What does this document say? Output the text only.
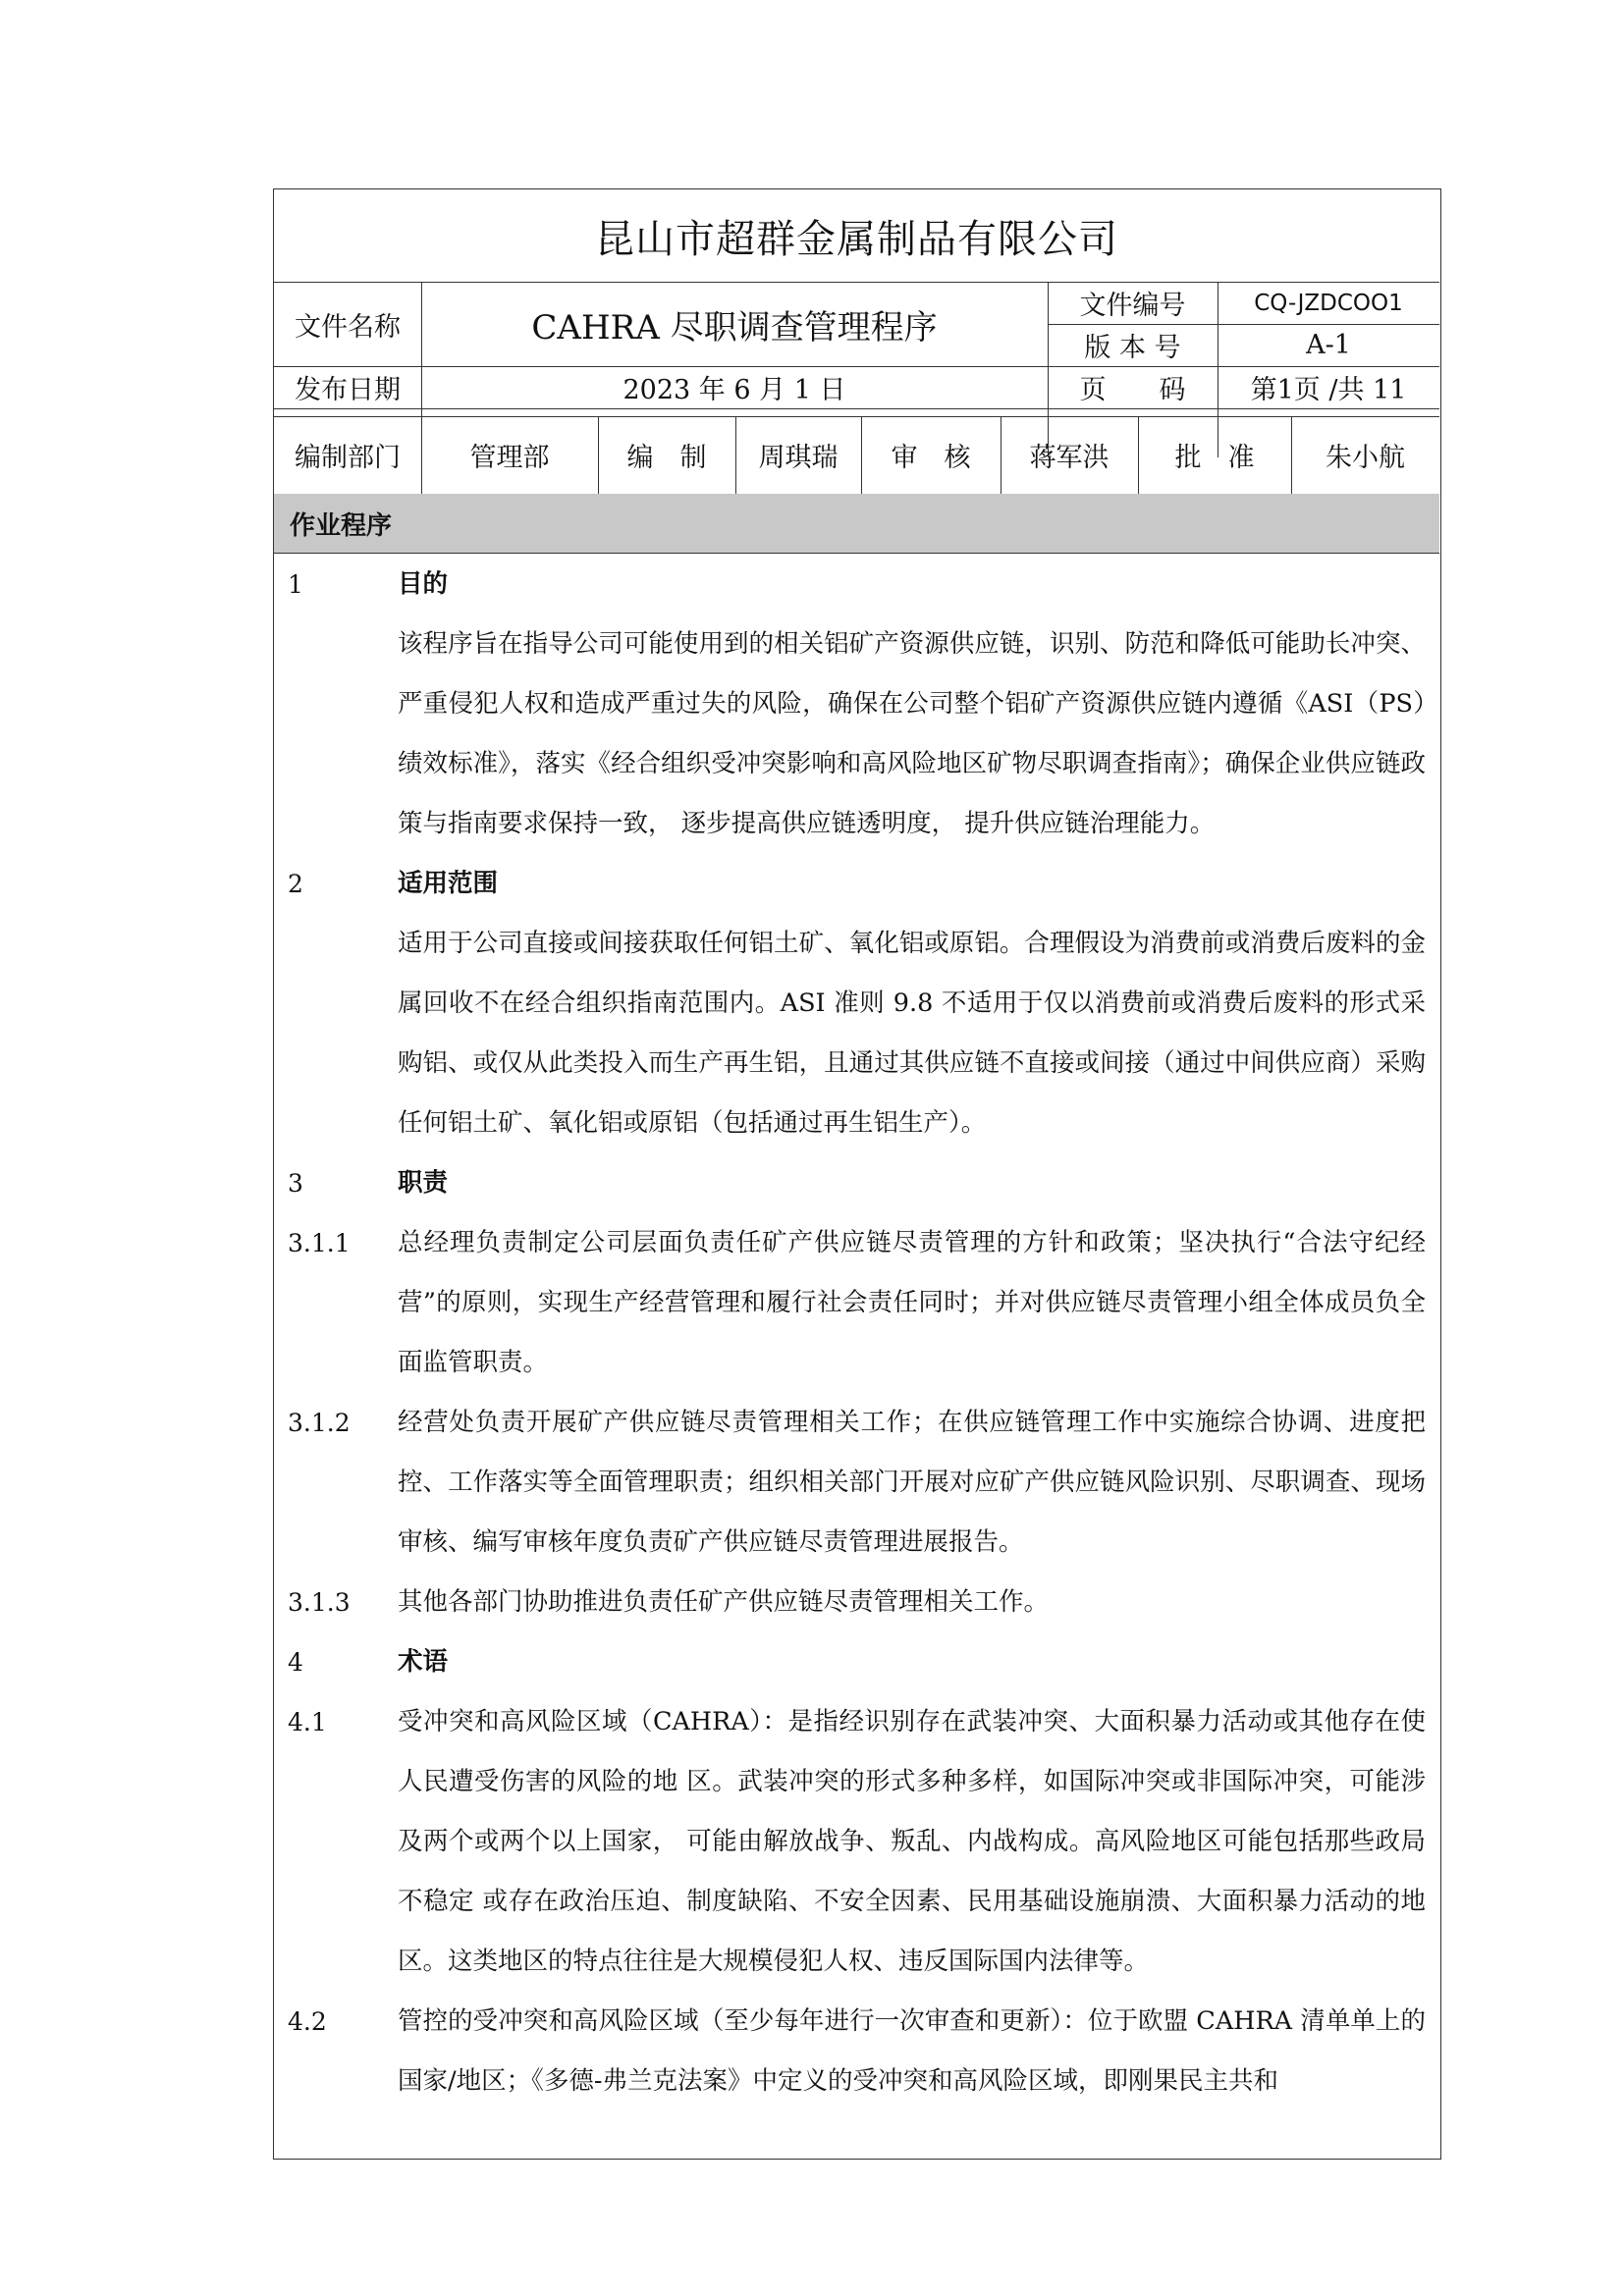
昆山市超群金属制品有限公司
文件名称	CAHRA 尽职调查管理程序
文件编号	CQ-JZDCOO1
版 本 号	A-1
发布日期	2023 年 6 月 1 日	页　　码	第1页 /共 11
编制部门	管理部	编　制	周琪瑞	审　核	蒋军洪	批　准	朱小航
作业程序
1	目的
该程序旨在指导公司可能使用到的相关铝矿产资源供应链，识别、防范和降低可能助长冲突、严重侵犯人权和造成严重过失的风险，确保在公司整个铝矿产资源供应链内遵循《ASI（PS）绩效标准》，落实《经合组织受冲突影响和高风险地区矿物尽职调查指南》；确保企业供应链政策与指南要求保持一致， 逐步提高供应链透明度， 提升供应链治理能力。
2	适用范围
适用于公司直接或间接获取任何铝土矿、氧化铝或原铝。合理假设为消费前或消费后废料的金属回收不在经合组织指南范围内。ASI 准则 9.8 不适用于仅以消费前或消费后废料的形式采购铝、或仅从此类投入而生产再生铝，且通过其供应链不直接或间接（通过中间供应商）采购任何铝土矿、氧化铝或原铝（包括通过再生铝生产）。
3	职责
3.1.1 总经理负责制定公司层面负责任矿产供应链尽责管理的方针和政策；坚决执行“合法守纪经营”的原则，实现生产经营管理和履行社会责任同时；并对供应链尽责管理小组全体成员负全面监管职责。
3.1.2 经营处负责开展矿产供应链尽责管理相关工作；在供应链管理工作中实施综合协调、进度把控、工作落实等全面管理职责；组织相关部门开展对应矿产供应链风险识别、尽职调查、现场审核、编写审核年度负责矿产供应链尽责管理进展报告。
3.1.3 其他各部门协助推进负责任矿产供应链尽责管理相关工作。
4	术语
4.1	受冲突和高风险区域（CAHRA）：是指经识别存在武装冲突、大面积暴力活动或其他存在使人民遭受伤害的风险的地 区。武装冲突的形式多种多样，如国际冲突或非国际冲突，可能涉及两个或两个以上国家， 可能由解放战争、叛乱、内战构成。高风险地区可能包括那些政局不稳定 或存在政治压迫、制度缺陷、不安全因素、民用基础设施崩溃、大面积暴力活动的地区。这类地区的特点往往是大规模侵犯人权、违反国际国内法律等。
4.2	管控的受冲突和高风险区域（至少每年进行一次审查和更新）：位于欧盟 CAHRA 清单单上的国家/地区；《多德-弗兰克法案》中定义的受冲突和高风险区域，即刚果民主共和
